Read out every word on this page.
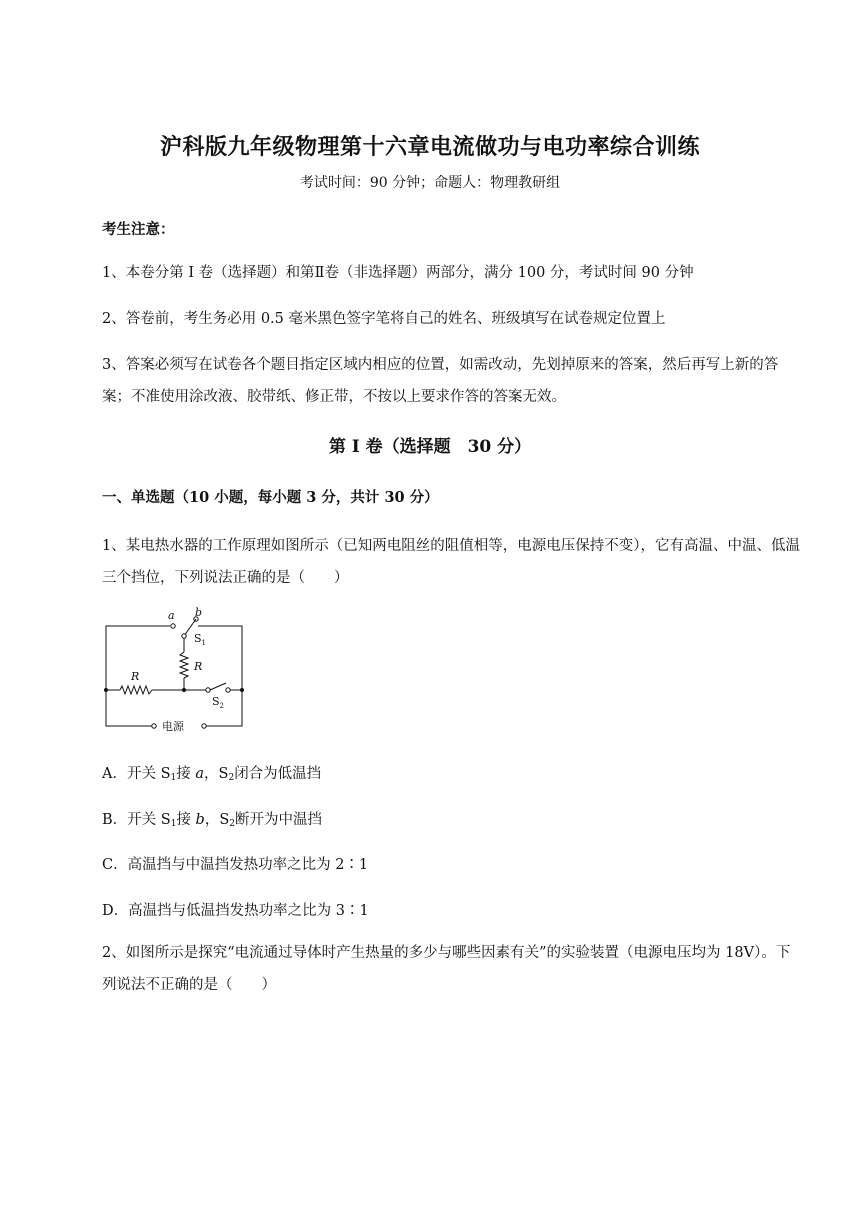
沪科版九年级物理第十六章电流做功与电功率综合训练
考试时间：90 分钟；命题人：物理教研组
考生注意：
1、本卷分第 I 卷（选择题）和第Ⅱ卷（非选择题）两部分，满分 100 分，考试时间 90 分钟
2、答卷前，考生务必用 0.5 毫米黑色签字笔将自己的姓名、班级填写在试卷规定位置上
3、答案必须写在试卷各个题目指定区域内相应的位置，如需改动，先划掉原来的答案，然后再写上新的答案；不准使用涂改液、胶带纸、修正带，不按以上要求作答的答案无效。
第 I 卷（选择题　30 分）
一、单选题（10 小题，每小题 3 分，共计 30 分）
1、某电热水器的工作原理如图所示（已知两电阻丝的阻值相等，电源电压保持不变），它有高温、中温、低温三个挡位，下列说法正确的是（　　）
a b
$S_1$
R
R
$S_2$
电源
A．开关 $S_1$接 a，$S_2$闭合为低温挡
B．开关 $S_1$接 b，$S_2$断开为中温挡
C．高温挡与中温挡发热功率之比为 2∶1
D．高温挡与低温挡发热功率之比为 3∶1
2、如图所示是探究“电流通过导体时产生热量的多少与哪些因素有关”的实验装置（电源电压均为 18V）。下列说法不正确的是（　　）
